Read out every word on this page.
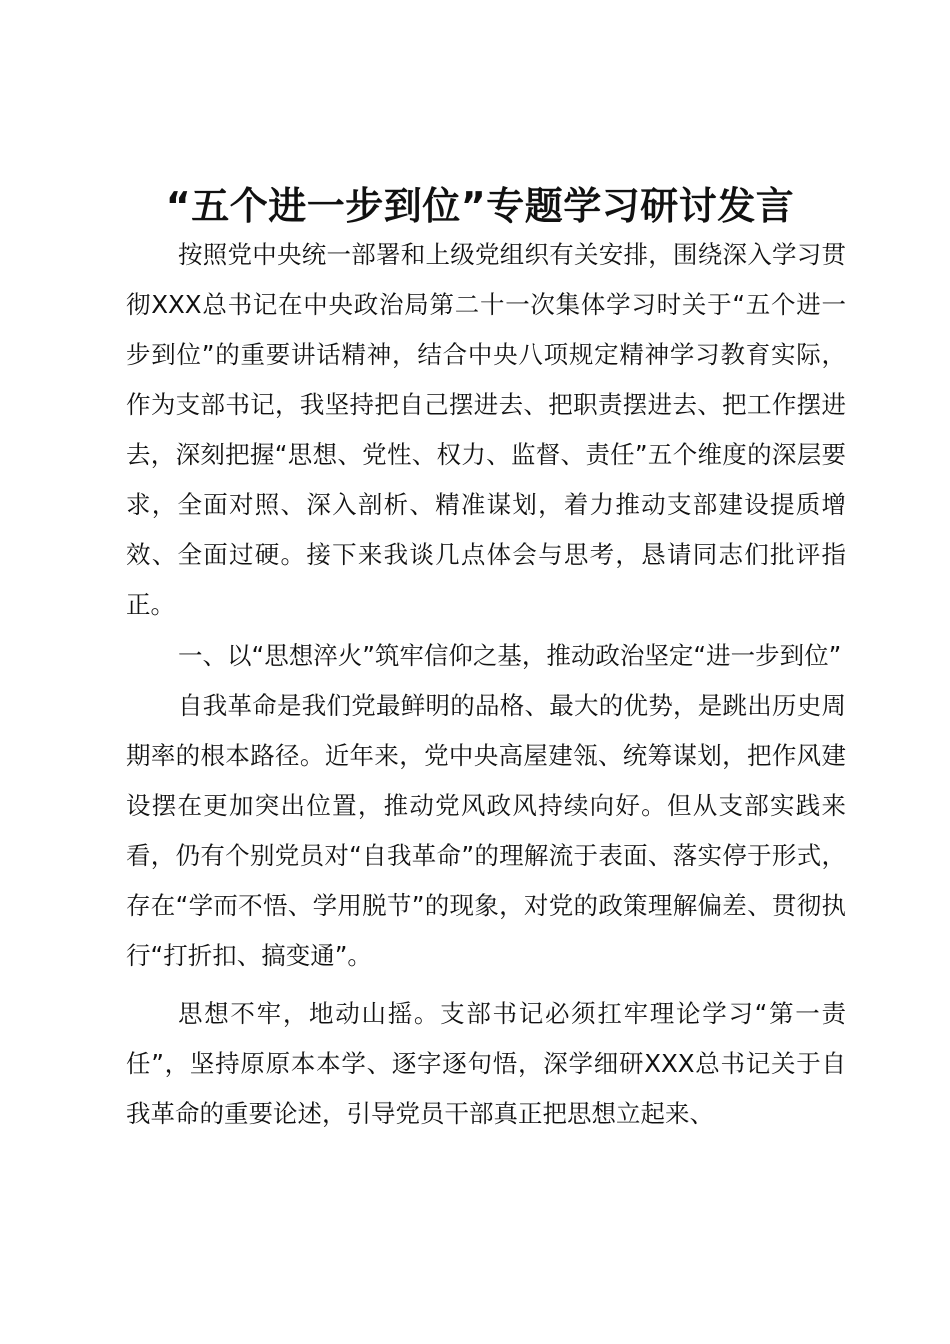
“五个进一步到位”专题学习研讨发言

按照党中央统一部署和上级党组织有关安排，围绕深入学习贯彻XXX总书记在中央政治局第二十一次集体学习时关于“五个进一步到位”的重要讲话精神，结合中央八项规定精神学习教育实际，作为支部书记，我坚持把自己摆进去、把职责摆进去、把工作摆进去，深刻把握“思想、党性、权力、监督、责任”五个维度的深层要求，全面对照、深入剖析、精准谋划，着力推动支部建设提质增效、全面过硬。接下来我谈几点体会与思考，恳请同志们批评指正。

一、以“思想淬火”筑牢信仰之基，推动政治坚定“进一步到位”

自我革命是我们党最鲜明的品格、最大的优势，是跳出历史周期率的根本路径。近年来，党中央高屋建瓴、统筹谋划，把作风建设摆在更加突出位置，推动党风政风持续向好。但从支部实践来看，仍有个别党员对“自我革命”的理解流于表面、落实停于形式，存在“学而不悟、学用脱节”的现象，对党的政策理解偏差、贯彻执行“打折扣、搞变通”。

思想不牢，地动山摇。支部书记必须扛牢理论学习“第一责任”，坚持原原本本学、逐字逐句悟，深学细研XXX总书记关于自我革命的重要论述，引导党员干部真正把思想立起来、
